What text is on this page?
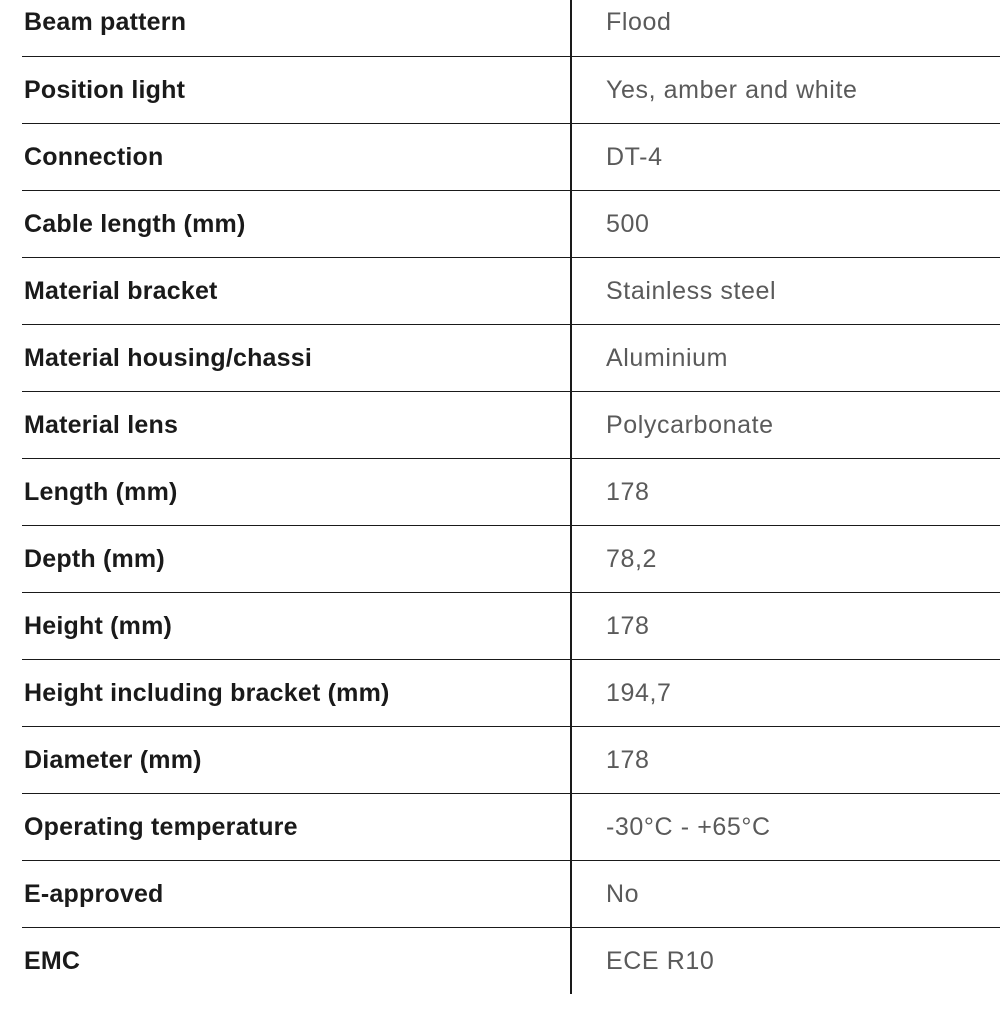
Beam pattern	Flood
Position light	Yes, amber and white
Connection	DT-4
Cable length (mm)	500
Material bracket	Stainless steel
Material housing/chassi	Aluminium
Material lens	Polycarbonate
Length (mm)	178
Depth (mm)	78,2
Height (mm)	178
Height including bracket (mm)	194,7
Diameter (mm)	178
Operating temperature	-30°C - +65°C
E-approved	No
EMC	ECE R10
